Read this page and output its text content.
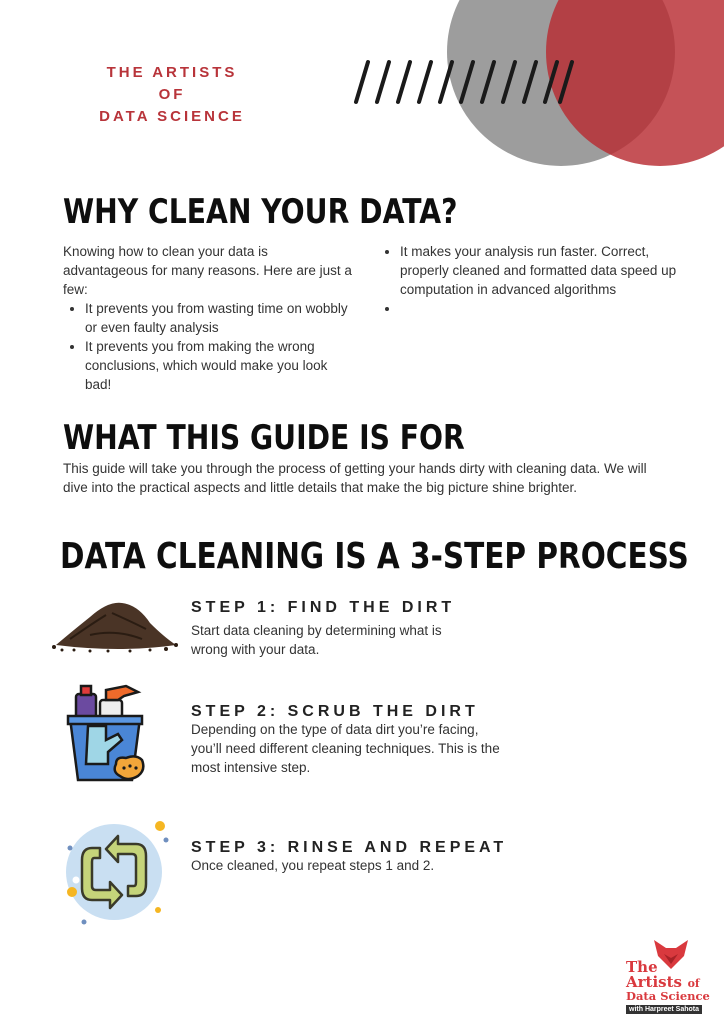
THE ARTISTS
OF
DATA SCIENCE
WHY CLEAN YOUR DATA?
Knowing how to clean your data is advantageous for many reasons. Here are just a few:
• It prevents you from wasting time on wobbly or even faulty analysis
• It prevents you from making the wrong conclusions, which would make you look bad!
• It makes your analysis run faster. Correct, properly cleaned and formatted data speed up computation in advanced algorithms
•
WHAT THIS GUIDE IS FOR
This guide will take you through the process of getting your hands dirty with cleaning data. We will dive into the practical aspects and little details that make the big picture shine brighter.
DATA CLEANING IS A 3-STEP PROCESS
STEP 1: FIND THE DIRT
Start data cleaning by determining what is wrong with your data.
STEP 2: SCRUB THE DIRT
Depending on the type of data dirt you’re facing, you’ll need different cleaning techniques. This is the most intensive step.
STEP 3: RINSE AND REPEAT
Once cleaned, you repeat steps 1 and 2.
The
Artists of
Data Science
with Harpreet Sahota
